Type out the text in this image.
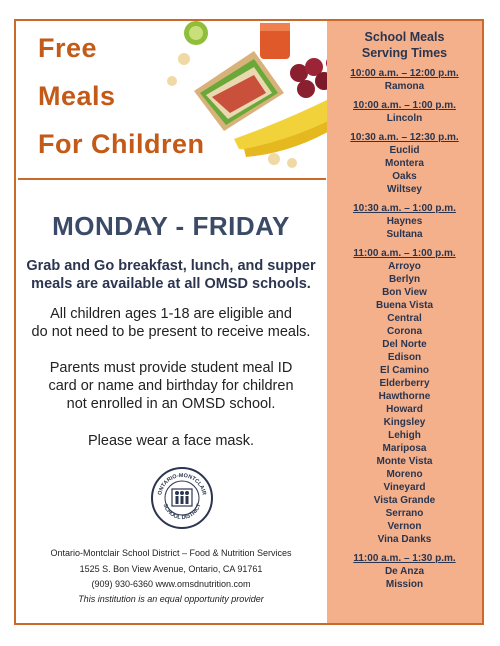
Free
Meals
For Children
MONDAY - FRIDAY
Grab and Go breakfast, lunch, and supper
meals are available at all OMSD schools.
All children ages 1-18 are eligible and
do not need to be present to receive meals.
Parents must provide student meal ID
card or name and birthday for children
not enrolled in an OMSD school.
Please wear a face mask.
ONTARIO-MONTCLAIR
SCHOOL DISTRICT
Ontario-Montclair School District – Food & Nutrition Services
1525 S. Bon View Avenue, Ontario, CA 91761
(909) 930-6360 www.omsdnutrition.com
This institution is an equal opportunity provider
School Meals
Serving Times
10:00 a.m. – 12:00 p.m.
Ramona
10:00 a.m. – 1:00 p.m.
Lincoln
10:30 a.m. – 12:30 p.m.
Euclid
Montera
Oaks
Wiltsey
10:30 a.m. – 1:00 p.m.
Haynes
Sultana
11:00 a.m. – 1:00 p.m.
Arroyo
Berlyn
Bon View
Buena Vista
Central
Corona
Del Norte
Edison
El Camino
Elderberry
Hawthorne
Howard
Kingsley
Lehigh
Mariposa
Monte Vista
Moreno
Vineyard
Vista Grande
Serrano
Vernon
Vina Danks
11:00 a.m. – 1:30 p.m.
De Anza
Mission
